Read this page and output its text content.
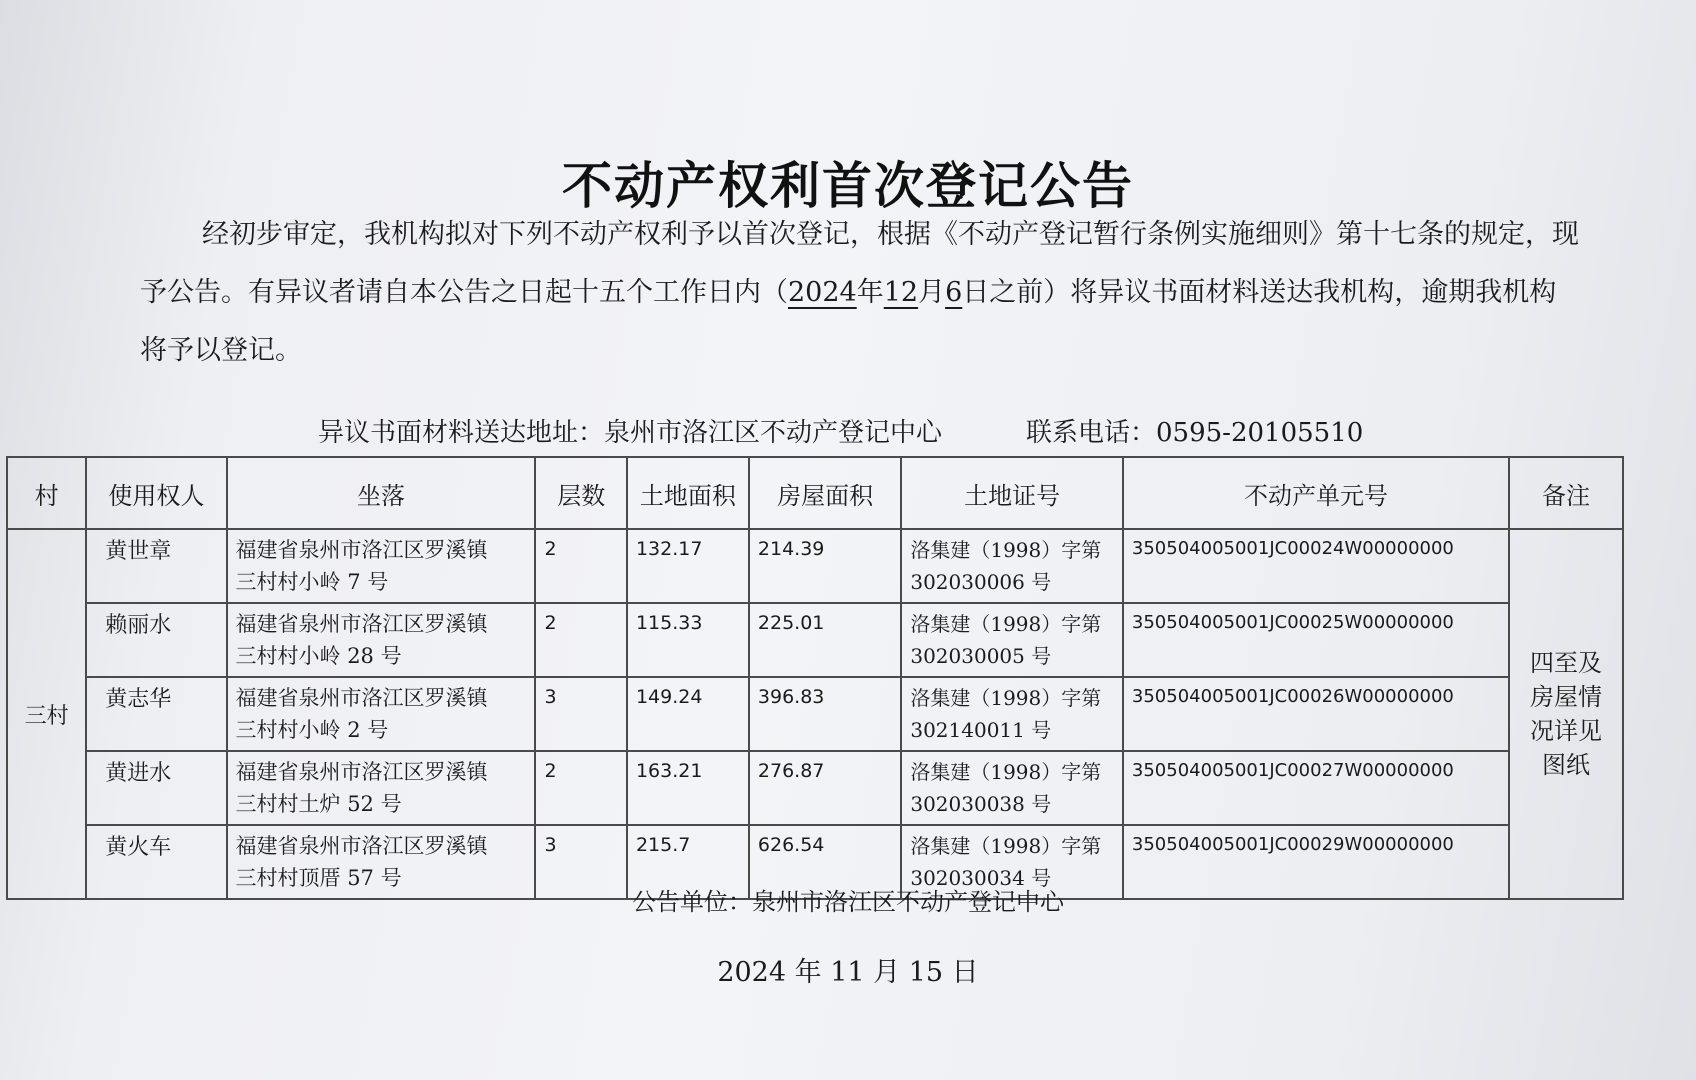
不动产权利首次登记公告
经初步审定，我机构拟对下列不动产权利予以首次登记，根据《不动产登记暂行条例实施细则》第十七条的规定，现予公告。有异议者请自本公告之日起十五个工作日内（2024年12月6日之前）将异议书面材料送达我机构，逾期我机构将予以登记。
异议书面材料送达地址：泉州市洛江区不动产登记中心	联系电话：0595-20105510
村	使用权人	坐落	层数	土地面积	房屋面积	土地证号	不动产单元号	备注
三村	黄世章	福建省泉州市洛江区罗溪镇
三村村小岭 7 号	2	132.17	214.39	洛集建（1998）字第
302030006 号	350504005001JC00024W00000000	四至及房屋情况详见图纸
	赖丽水	福建省泉州市洛江区罗溪镇
三村村小岭 28 号	2	115.33	225.01	洛集建（1998）字第
302030005 号	350504005001JC00025W00000000	
	黄志华	福建省泉州市洛江区罗溪镇
三村村小岭 2 号	3	149.24	396.83	洛集建（1998）字第
302140011 号	350504005001JC00026W00000000	
	黄进水	福建省泉州市洛江区罗溪镇
三村村土炉 52 号	2	163.21	276.87	洛集建（1998）字第
302030038 号	350504005001JC00027W00000000	
	黄火车	福建省泉州市洛江区罗溪镇
三村村顶厝 57 号	3	215.7	626.54	洛集建（1998）字第
302030034 号	350504005001JC00029W00000000	
公告单位：泉州市洛江区不动产登记中心
2024 年 11 月 15 日
